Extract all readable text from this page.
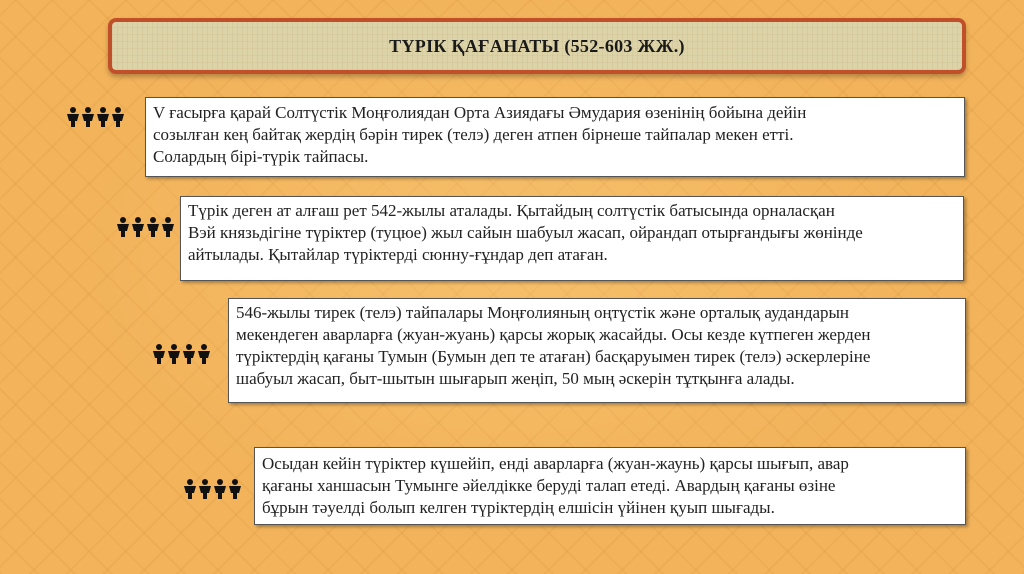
ТҮРІК ҚАҒАНАТЫ (552-603 ЖЖ.)
V ғасырға қарай Солтүстік Моңғолиядан Орта Азиядағы Әмудария өзенінің бойына дейін
созылған кең байтақ жердің бәрін тирек (телэ) деген атпен бірнеше тайпалар мекен етті.
Солардың бірі-түрік тайпасы.
Түрік деген ат алғаш рет 542-жылы аталады. Қытайдың солтүстік батысында орналасқан
Вэй князьдігіне түріктер (туцюе) жыл сайын шабуыл жасап, ойрандап отырғандығы жөнінде
айтылады. Қытайлар түріктерді сюнну-ғұндар деп атаған.
546-жылы тирек (телэ) тайпалары Моңғолияның оңтүстік және орталық аудандарын
мекендеген аварларға (жуан-жуань) қарсы жорық жасайды. Осы кезде күтпеген жерден
түріктердің қағаны Тумын (Бумын деп те атаған) басқаруымен тирек (телэ) әскерлеріне
шабуыл жасап, быт-шытын шығарып жеңіп, 50 мың әскерін тұтқынға алады.
Осыдан кейін түріктер күшейіп, енді аварларға (жуан-жаунь) қарсы шығып, авар
қағаны ханшасын Тумынге әйелдікке беруді талап етеді. Авардың қағаны өзіне
бұрын тәуелді болып келген түріктердің елшісін үйінен қуып шығады.
